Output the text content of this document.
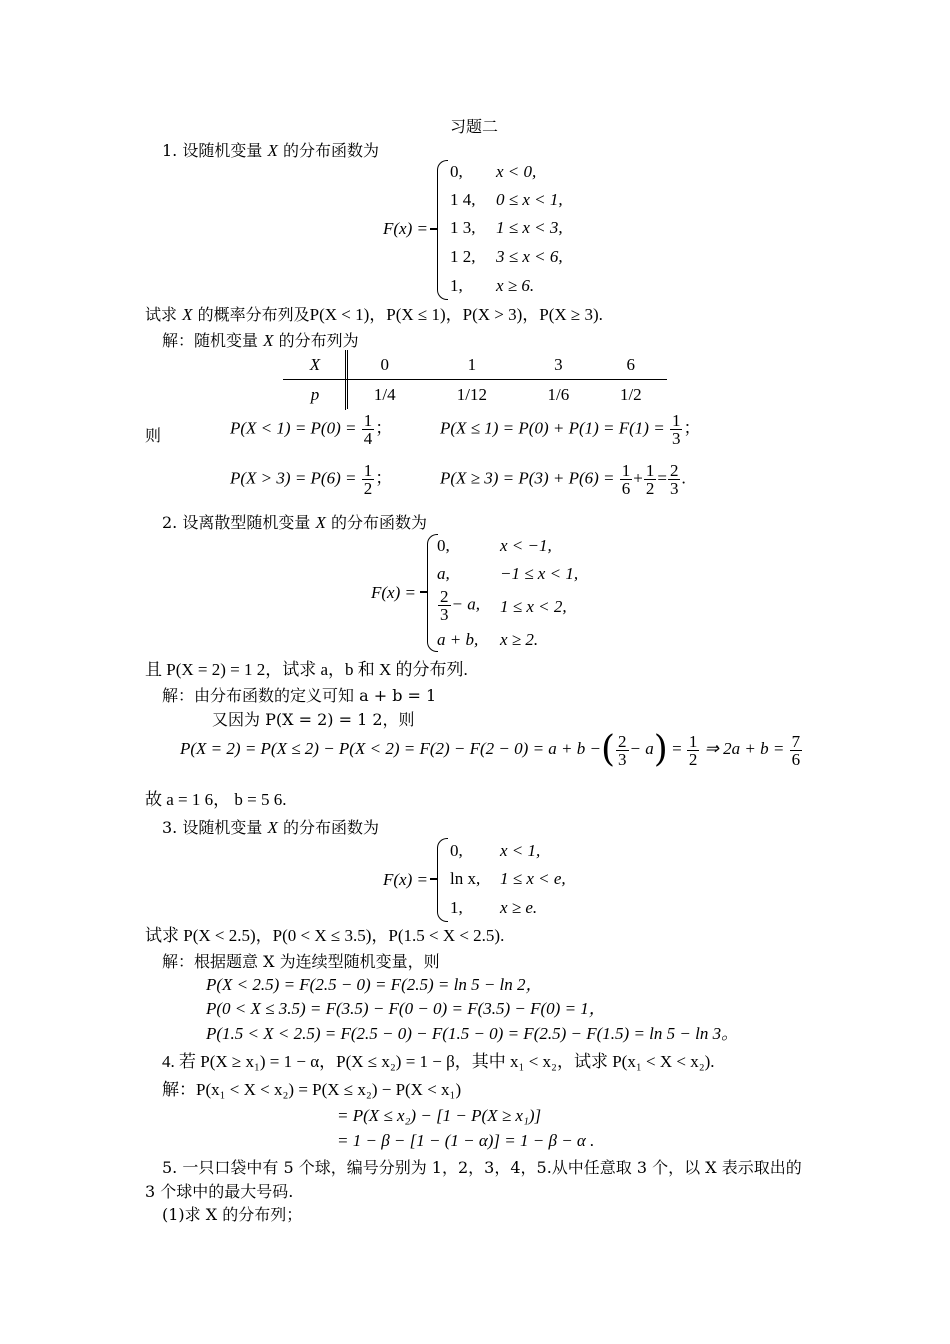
习题二
1. 设随机变量 X 的分布函数为
F(x) =
0, x < 0,
1 4, 0 ≤ x < 1,
1 3, 1 ≤ x < 3,
1 2, 3 ≤ x < 6,
1, x ≥ 6.
试求 X 的概率分布列及P(X < 1)，P(X ≤ 1)，P(X > 3)，P(X ≥ 3).
解：随机变量 X 的分布列为
X	0	1	3	6
p	1/4	1/12	1/6	1/2
则	$P(X < 1) = P(0) = \frac{1}{4}$ ；	$P(X \le 1) = P(0) + P(1) = F(1) = \frac{1}{3}$ ；
$P(X > 3) = P(6) = \frac{1}{2}$ ；	$P(X \ge 3) = P(3) + P(6) = \frac{1}{6} + \frac{1}{2} = \frac{2}{3}$ .
2. 设离散型随机变量 X 的分布函数为
F(x) =
0,	x < −1,
a,	−1 ≤ x < 1,
$\frac{2}{3} - a$, 1 ≤ x < 2,
a + b, x ≥ 2.
且 P(X = 2) = 1 2，试求 a，b 和 X 的分布列.
解：由分布函数的定义可知 a + b = 1
又因为 P(X = 2) = 1 2，则
P(X = 2) = P(X ≤ 2) − P(X < 2) = F(2) − F(2 − 0) = a + b −( $\frac{2}{3} - a) = \frac{1}{2}$ ⇒ $2a + b = \frac{7}{6}$
故 a = 1 6， b = 5 6.
3. 设随机变量 X 的分布函数为
F(x) =
0, x < 1,
ln x, 1 ≤ x < e,
1, x ≥ e.
试求 P(X < 2.5)，P(0 < X ≤ 3.5)，P(1.5 < X < 2.5).
解：根据题意 X 为连续型随机变量，则
P(X < 2.5) = F(2.5 − 0) = F(2.5) = ln 5 − ln 2，
P(0 < X ≤ 3.5) = F(3.5) − F(0 − 0) = F(3.5) − F(0) = 1，
P(1.5 < X < 2.5) = F(2.5 − 0) − F(1.5 − 0) = F(2.5) − F(1.5) = ln 5 − ln 3。
4. 若 P(X ≥ x₁) = 1 − α，P(X ≤ x₂) = 1 − β，其中 x₁ < x₂，试求 P(x₁ < X < x₂).
解：P(x₁ < X < x₂) = P(X ≤ x₂) − P(X < x₁)
= P(X ≤ x₂) − [1 − P(X ≥ x₁)]
= 1 − β − [1 − (1 − α)] = 1 − β − α .
5. 一只口袋中有 5 个球，编号分别为 1，2，3，4，5.从中任意取 3 个，以 X 表示取出的
3 个球中的最大号码.
(1)求 X 的分布列；
